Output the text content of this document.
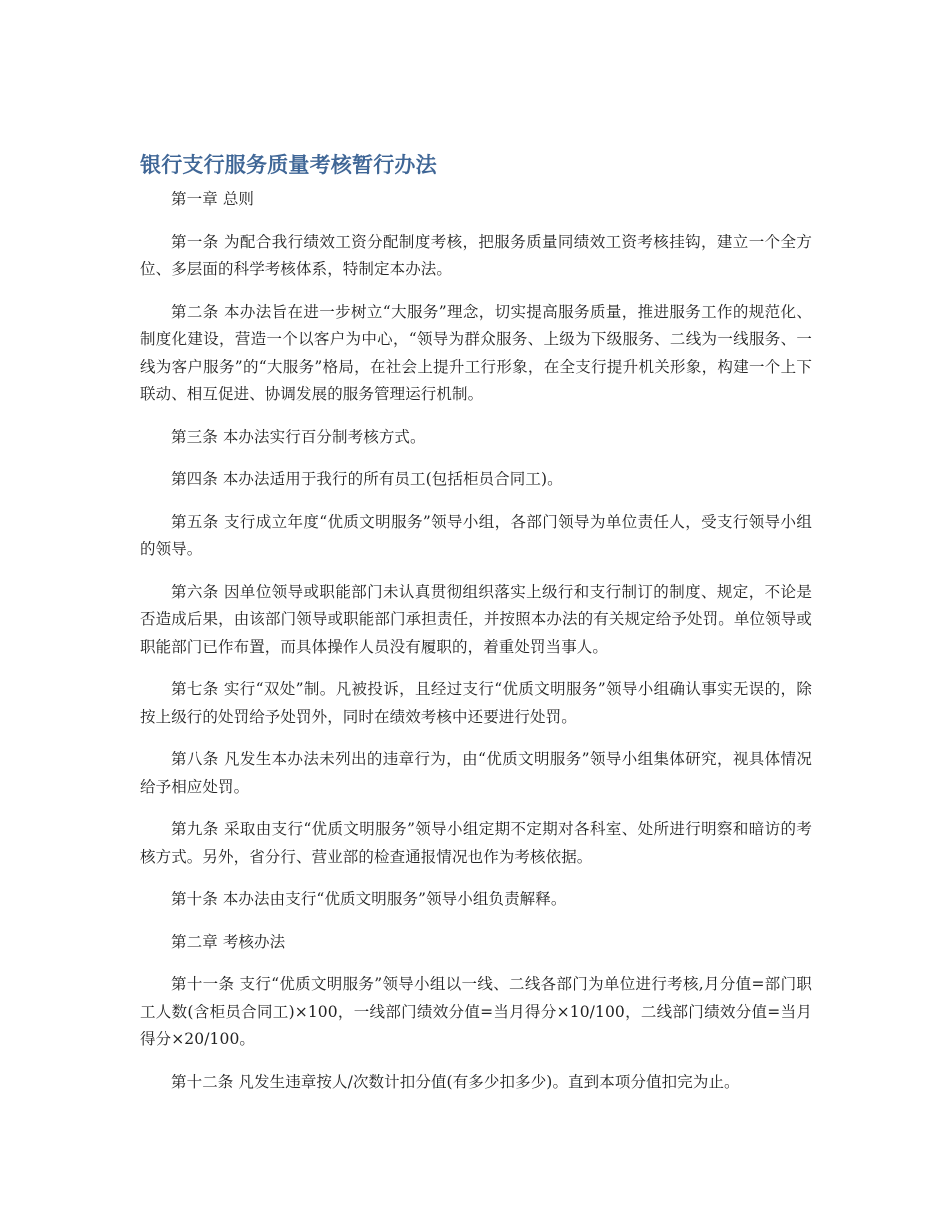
银行支行服务质量考核暂行办法

第一章 总则

第一条 为配合我行绩效工资分配制度考核，把服务质量同绩效工资考核挂钩，建立一个全方位、多层面的科学考核体系，特制定本办法。

第二条 本办法旨在进一步树立“大服务”理念，切实提高服务质量，推进服务工作的规范化、制度化建设，营造一个以客户为中心，“领导为群众服务、上级为下级服务、二线为一线服务、一线为客户服务”的“大服务”格局，在社会上提升工行形象，在全支行提升机关形象，构建一个上下联动、相互促进、协调发展的服务管理运行机制。

第三条 本办法实行百分制考核方式。

第四条 本办法适用于我行的所有员工(包括柜员合同工)。

第五条 支行成立年度“优质文明服务”领导小组，各部门领导为单位责任人，受支行领导小组的领导。

第六条 因单位领导或职能部门未认真贯彻组织落实上级行和支行制订的制度、规定，不论是否造成后果，由该部门领导或职能部门承担责任，并按照本办法的有关规定给予处罚。单位领导或职能部门已作布置，而具体操作人员没有履职的，着重处罚当事人。

第七条 实行“双处”制。凡被投诉，且经过支行“优质文明服务”领导小组确认事实无误的，除按上级行的处罚给予处罚外，同时在绩效考核中还要进行处罚。

第八条 凡发生本办法未列出的违章行为，由“优质文明服务”领导小组集体研究，视具体情况给予相应处罚。

第九条 采取由支行“优质文明服务”领导小组定期不定期对各科室、处所进行明察和暗访的考核方式。另外，省分行、营业部的检查通报情况也作为考核依据。

第十条 本办法由支行“优质文明服务”领导小组负责解释。

第二章 考核办法

第十一条 支行“优质文明服务”领导小组以一线、二线各部门为单位进行考核,月分值=部门职工人数(含柜员合同工)×100，一线部门绩效分值=当月得分×10/100，二线部门绩效分值=当月得分×20/100。

第十二条 凡发生违章按人/次数计扣分值(有多少扣多少)。直到本项分值扣完为止。
